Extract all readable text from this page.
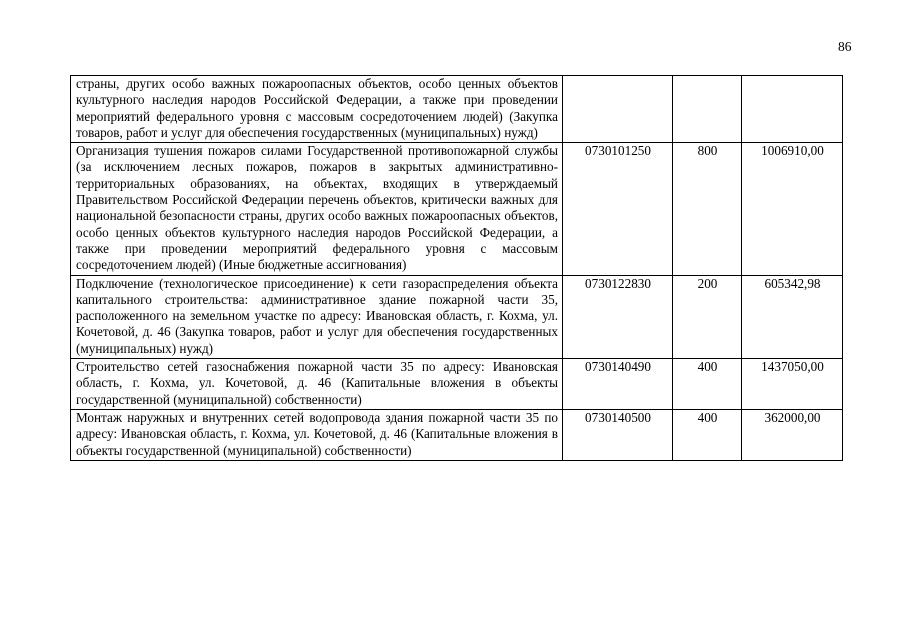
86
страны, других особо важных пожароопасных объектов, особо ценных объектов культурного наследия народов Российской Федерации, а также при проведении мероприятий федерального уровня с массовым сосредоточением людей) (Закупка товаров, работ и услуг для обеспечения государственных (муниципальных) нужд)			
Организация тушения пожаров силами Государственной противопожарной службы (за исключением лесных пожаров, пожаров в закрытых административно-территориальных образованиях, на объектах, входящих в утверждаемый Правительством Российской Федерации перечень объектов, критически важных для национальной безопасности страны, других особо важных пожароопасных объектов, особо ценных объектов культурного наследия народов Российской Федерации, а также при проведении мероприятий федерального уровня с массовым сосредоточением людей) (Иные бюджетные ассигнования)	0730101250	800	1006910,00
Подключение (технологическое присоединение) к сети газораспределения объекта капитального строительства: административное здание пожарной части 35, расположенного на земельном участке по адресу: Ивановская область, г. Кохма, ул. Кочетовой, д. 46 (Закупка товаров, работ и услуг для обеспечения государственных (муниципальных) нужд)	0730122830	200	605342,98
Строительство сетей газоснабжения пожарной части 35 по адресу: Ивановская область, г. Кохма, ул. Кочетовой, д. 46 (Капитальные вложения в объекты государственной (муниципальной) собственности)	0730140490	400	1437050,00
Монтаж наружных и внутренних сетей водопровода здания пожарной части 35 по адресу: Ивановская область, г. Кохма, ул. Кочетовой, д. 46 (Капитальные вложения в объекты государственной (муниципальной) собственности)	0730140500	400	362000,00
